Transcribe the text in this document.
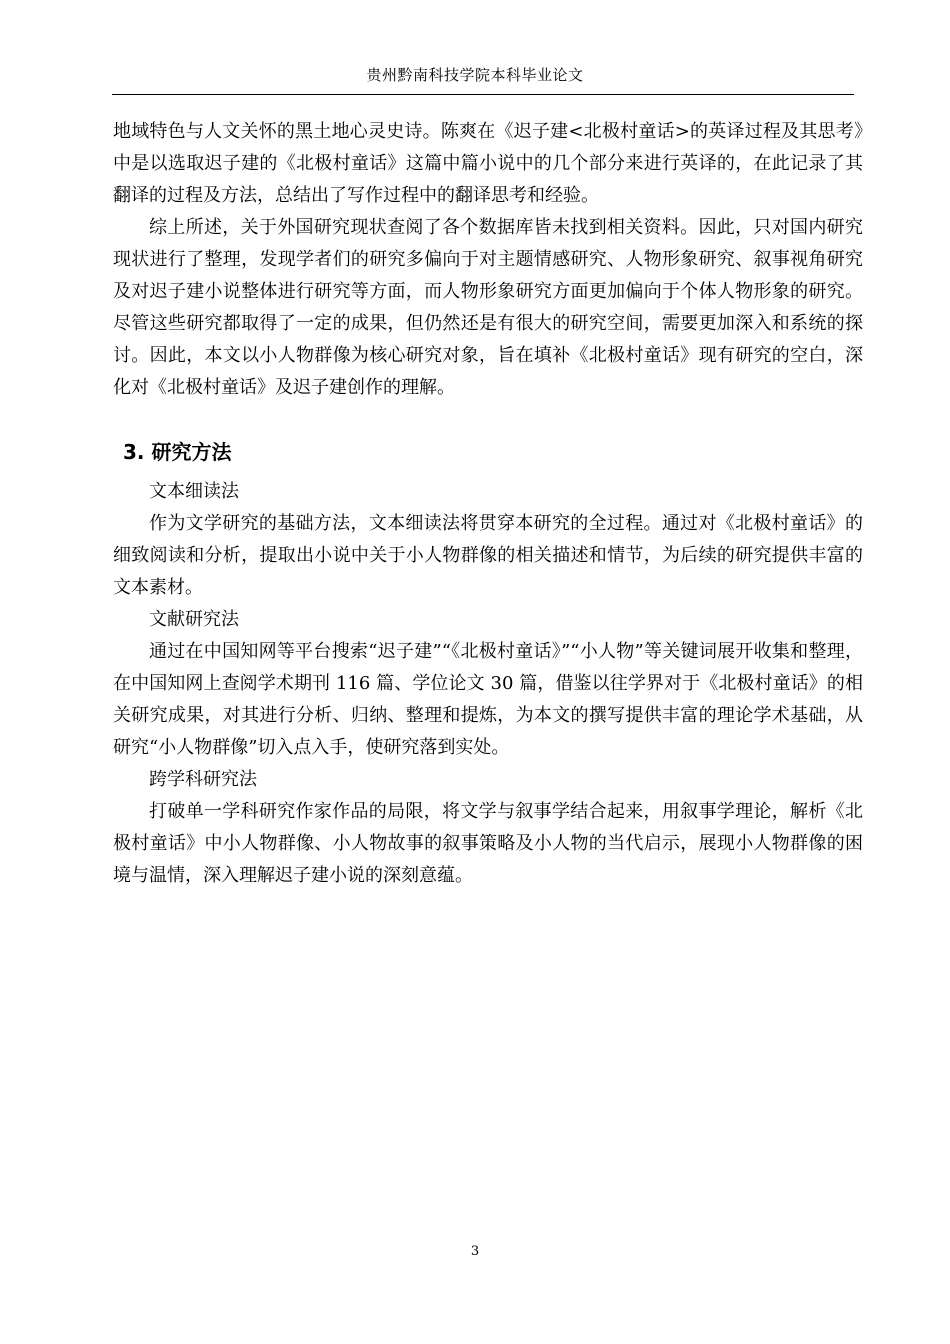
贵州黔南科技学院本科毕业论文

地域特色与人文关怀的黑土地心灵史诗。陈爽在《迟子建<北极村童话>的英译过程及其思考》中是以选取迟子建的《北极村童话》这篇中篇小说中的几个部分来进行英译的，在此记录了其翻译的过程及方法，总结出了写作过程中的翻译思考和经验。

综上所述，关于外国研究现状查阅了各个数据库皆未找到相关资料。因此，只对国内研究现状进行了整理，发现学者们的研究多偏向于对主题情感研究、人物形象研究、叙事视角研究及对迟子建小说整体进行研究等方面，而人物形象研究方面更加偏向于个体人物形象的研究。尽管这些研究都取得了一定的成果，但仍然还是有很大的研究空间，需要更加深入和系统的探讨。因此，本文以小人物群像为核心研究对象，旨在填补《北极村童话》现有研究的空白，深化对《北极村童话》及迟子建创作的理解。

3. 研究方法

文本细读法

作为文学研究的基础方法，文本细读法将贯穿本研究的全过程。通过对《北极村童话》的细致阅读和分析，提取出小说中关于小人物群像的相关描述和情节，为后续的研究提供丰富的文本素材。

文献研究法

通过在中国知网等平台搜索“迟子建”“《北极村童话》”“小人物”等关键词展开收集和整理，在中国知网上查阅学术期刊 116 篇、学位论文 30 篇，借鉴以往学界对于《北极村童话》的相关研究成果，对其进行分析、归纳、整理和提炼，为本文的撰写提供丰富的理论学术基础，从研究“小人物群像”切入点入手，使研究落到实处。

跨学科研究法

打破单一学科研究作家作品的局限，将文学与叙事学结合起来，用叙事学理论，解析《北极村童话》中小人物群像、小人物故事的叙事策略及小人物的当代启示，展现小人物群像的困境与温情，深入理解迟子建小说的深刻意蕴。

3
